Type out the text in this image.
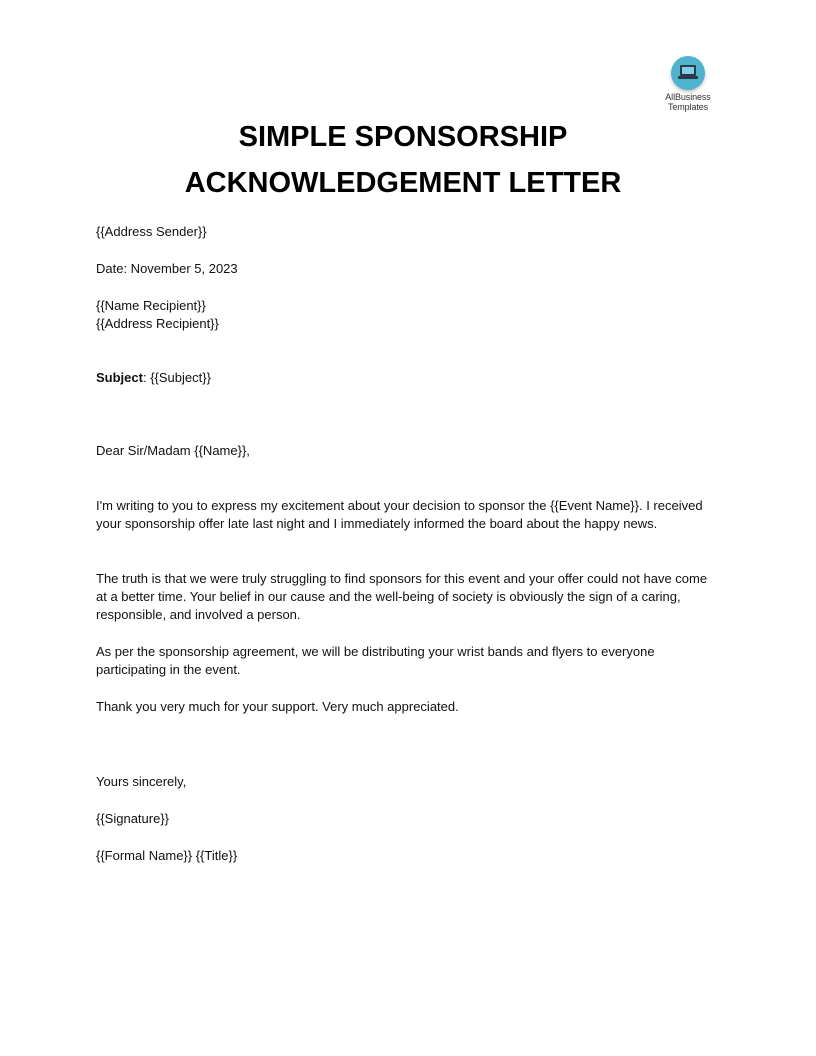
AllBusiness
Templates
SIMPLE SPONSORSHIP
ACKNOWLEDGEMENT LETTER
{{Address Sender}}
Date: November 5, 2023
{{Name Recipient}}
{{Address Recipient}}
Subject: {{Subject}}
Dear Sir/Madam {{Name}},
I'm writing to you to express my excitement about your decision to sponsor the {{Event Name}}. I received your sponsorship offer late last night and I immediately informed the board about the happy news.
The truth is that we were truly struggling to find sponsors for this event and your offer could not have come at a better time. Your belief in our cause and the well-being of society is obviously the sign of a caring, responsible, and involved a person.
As per the sponsorship agreement, we will be distributing your wrist bands and flyers to everyone participating in the event.
Thank you very much for your support. Very much appreciated.
Yours sincerely,
{{Signature}}
{{Formal Name}} {{Title}}
